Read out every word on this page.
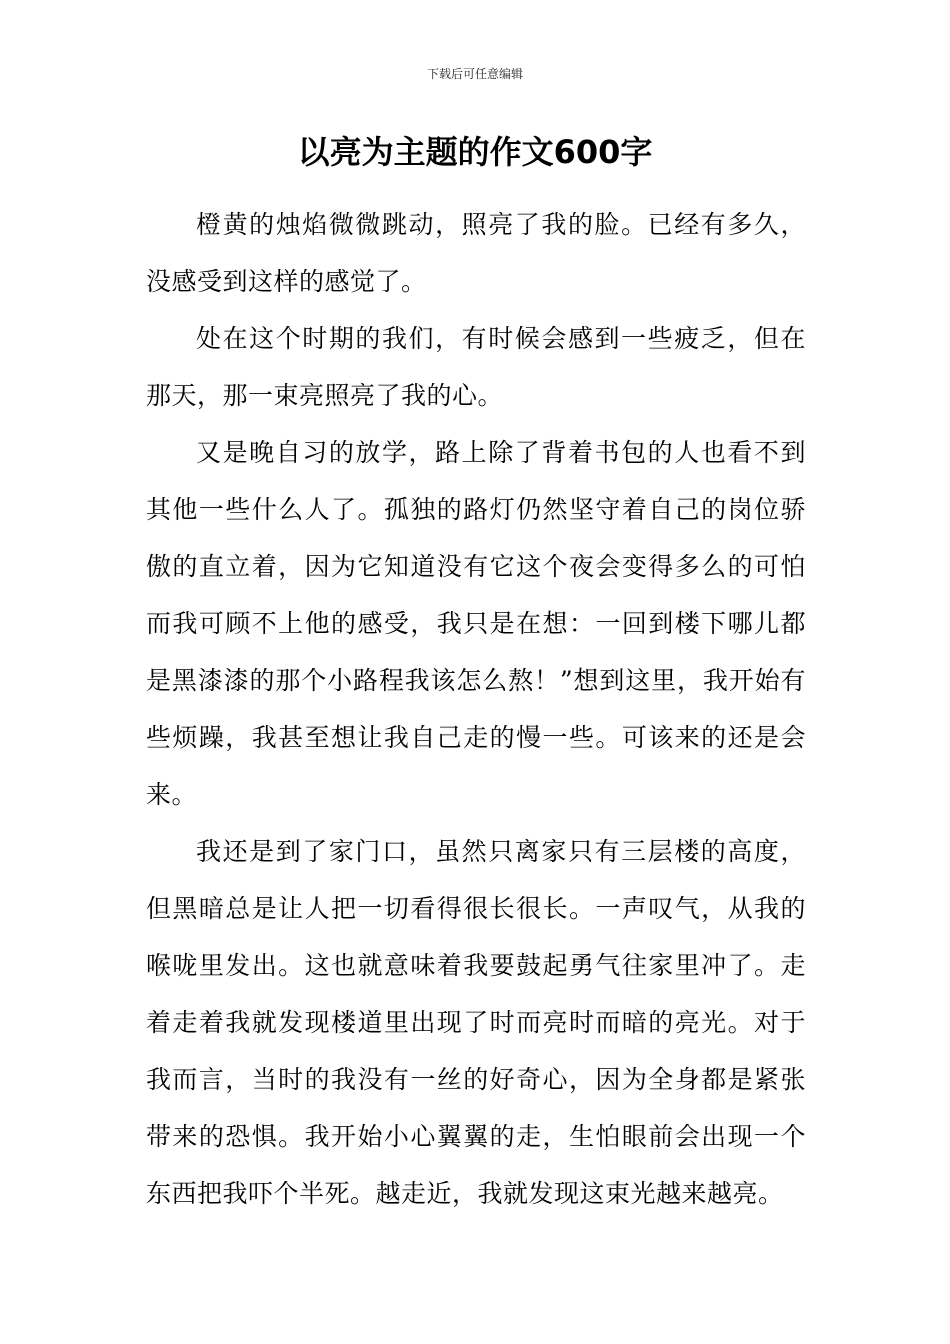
下载后可任意编辑
以亮为主题的作文600字

橙黄的烛焰微微跳动，照亮了我的脸。已经有多久，没感受到这样的感觉了。

处在这个时期的我们，有时候会感到一些疲乏，但在那天，那一束亮照亮了我的心。

又是晚自习的放学，路上除了背着书包的人也看不到其他一些什么人了。孤独的路灯仍然坚守着自己的岗位骄傲的直立着，因为它知道没有它这个夜会变得多么的可怕而我可顾不上他的感受，我只是在想：一回到楼下哪儿都是黑漆漆的那个小路程我该怎么熬！”想到这里，我开始有些烦躁，我甚至想让我自己走的慢一些。可该来的还是会来。

我还是到了家门口，虽然只离家只有三层楼的高度，但黑暗总是让人把一切看得很长很长。一声叹气，从我的喉咙里发出。这也就意味着我要鼓起勇气往家里冲了。走着走着我就发现楼道里出现了时而亮时而暗的亮光。对于我而言，当时的我没有一丝的好奇心，因为全身都是紧张带来的恐惧。我开始小心翼翼的走，生怕眼前会出现一个东西把我吓个半死。越走近，我就发现这束光越来越亮。
